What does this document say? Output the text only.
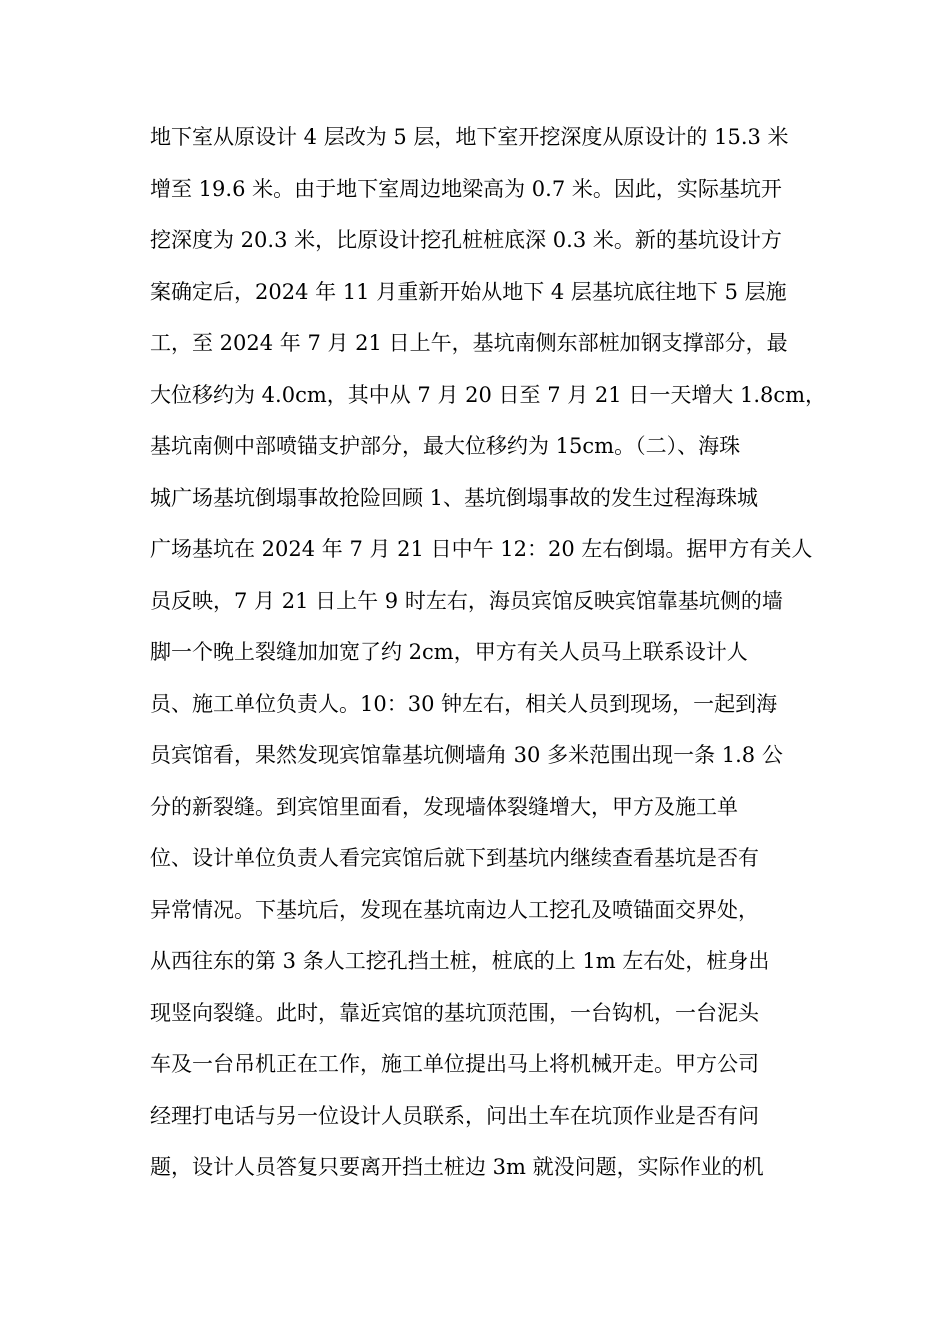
地下室从原设计 4 层改为 5 层，地下室开挖深度从原设计的 15.3 米
增至 19.6 米。由于地下室周边地梁高为 0.7 米。因此，实际基坑开
挖深度为 20.3 米，比原设计挖孔桩桩底深 0.3 米。新的基坑设计方
案确定后，2024 年 11 月重新开始从地下 4 层基坑底往地下 5 层施
工，至 2024 年 7 月 21 日上午，基坑南侧东部桩加钢支撑部分，最
大位移约为 4.0cm，其中从 7 月 20 日至 7 月 21 日一天增大 1.8cm，
基坑南侧中部喷锚支护部分，最大位移约为 15cm。（二）、海珠
城广场基坑倒塌事故抢险回顾 1、基坑倒塌事故的发生过程海珠城
广场基坑在 2024 年 7 月 21 日中午 12：20 左右倒塌。据甲方有关人
员反映，7 月 21 日上午 9 时左右，海员宾馆反映宾馆靠基坑侧的墙
脚一个晚上裂缝加加宽了约 2cm，甲方有关人员马上联系设计人
员、施工单位负责人。10：30 钟左右，相关人员到现场，一起到海
员宾馆看，果然发现宾馆靠基坑侧墙角 30 多米范围出现一条 1.8 公
分的新裂缝。到宾馆里面看，发现墙体裂缝增大，甲方及施工单
位、设计单位负责人看完宾馆后就下到基坑内继续查看基坑是否有
异常情况。下基坑后，发现在基坑南边人工挖孔及喷锚面交界处，
从西往东的第 3 条人工挖孔挡土桩，桩底的上 1m 左右处，桩身出
现竖向裂缝。此时，靠近宾馆的基坑顶范围，一台钩机，一台泥头
车及一台吊机正在工作，施工单位提出马上将机械开走。甲方公司
经理打电话与另一位设计人员联系，问出土车在坑顶作业是否有问
题，设计人员答复只要离开挡土桩边 3m 就没问题，实际作业的机
